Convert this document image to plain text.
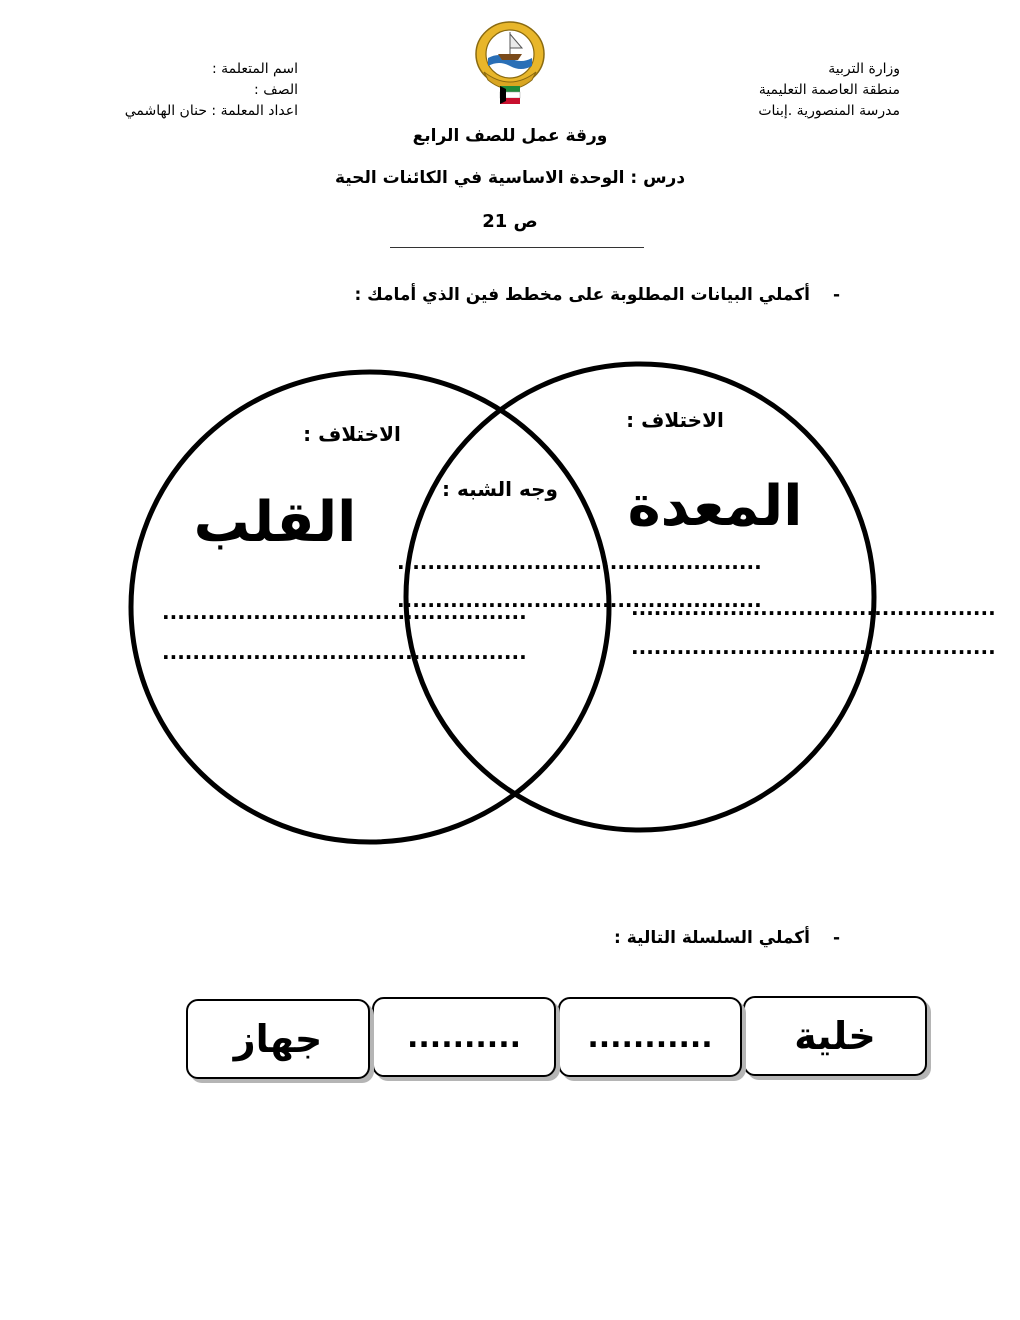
وزارة التربية
منطقة العاصمة التعليمية
مدرسة المنصورية .إبنات
اسم المتعلمة :
الصف :
اعداد المعلمة : حنان الهاشمي
ورقة عمل للصف الرابع
درس : الوحدة الاساسية في الكائنات الحية
ص 21
-
أكملي البيانات المطلوبة على مخطط فين الذي أمامك :
الاختلاف :
الاختلاف :
وجه الشبه :
القلب	المعدة
................................................
................................................
................................................
................................................
................................................
................................................
-
أكملي السلسلة التالية :
خلية
...........
..........
جهاز
